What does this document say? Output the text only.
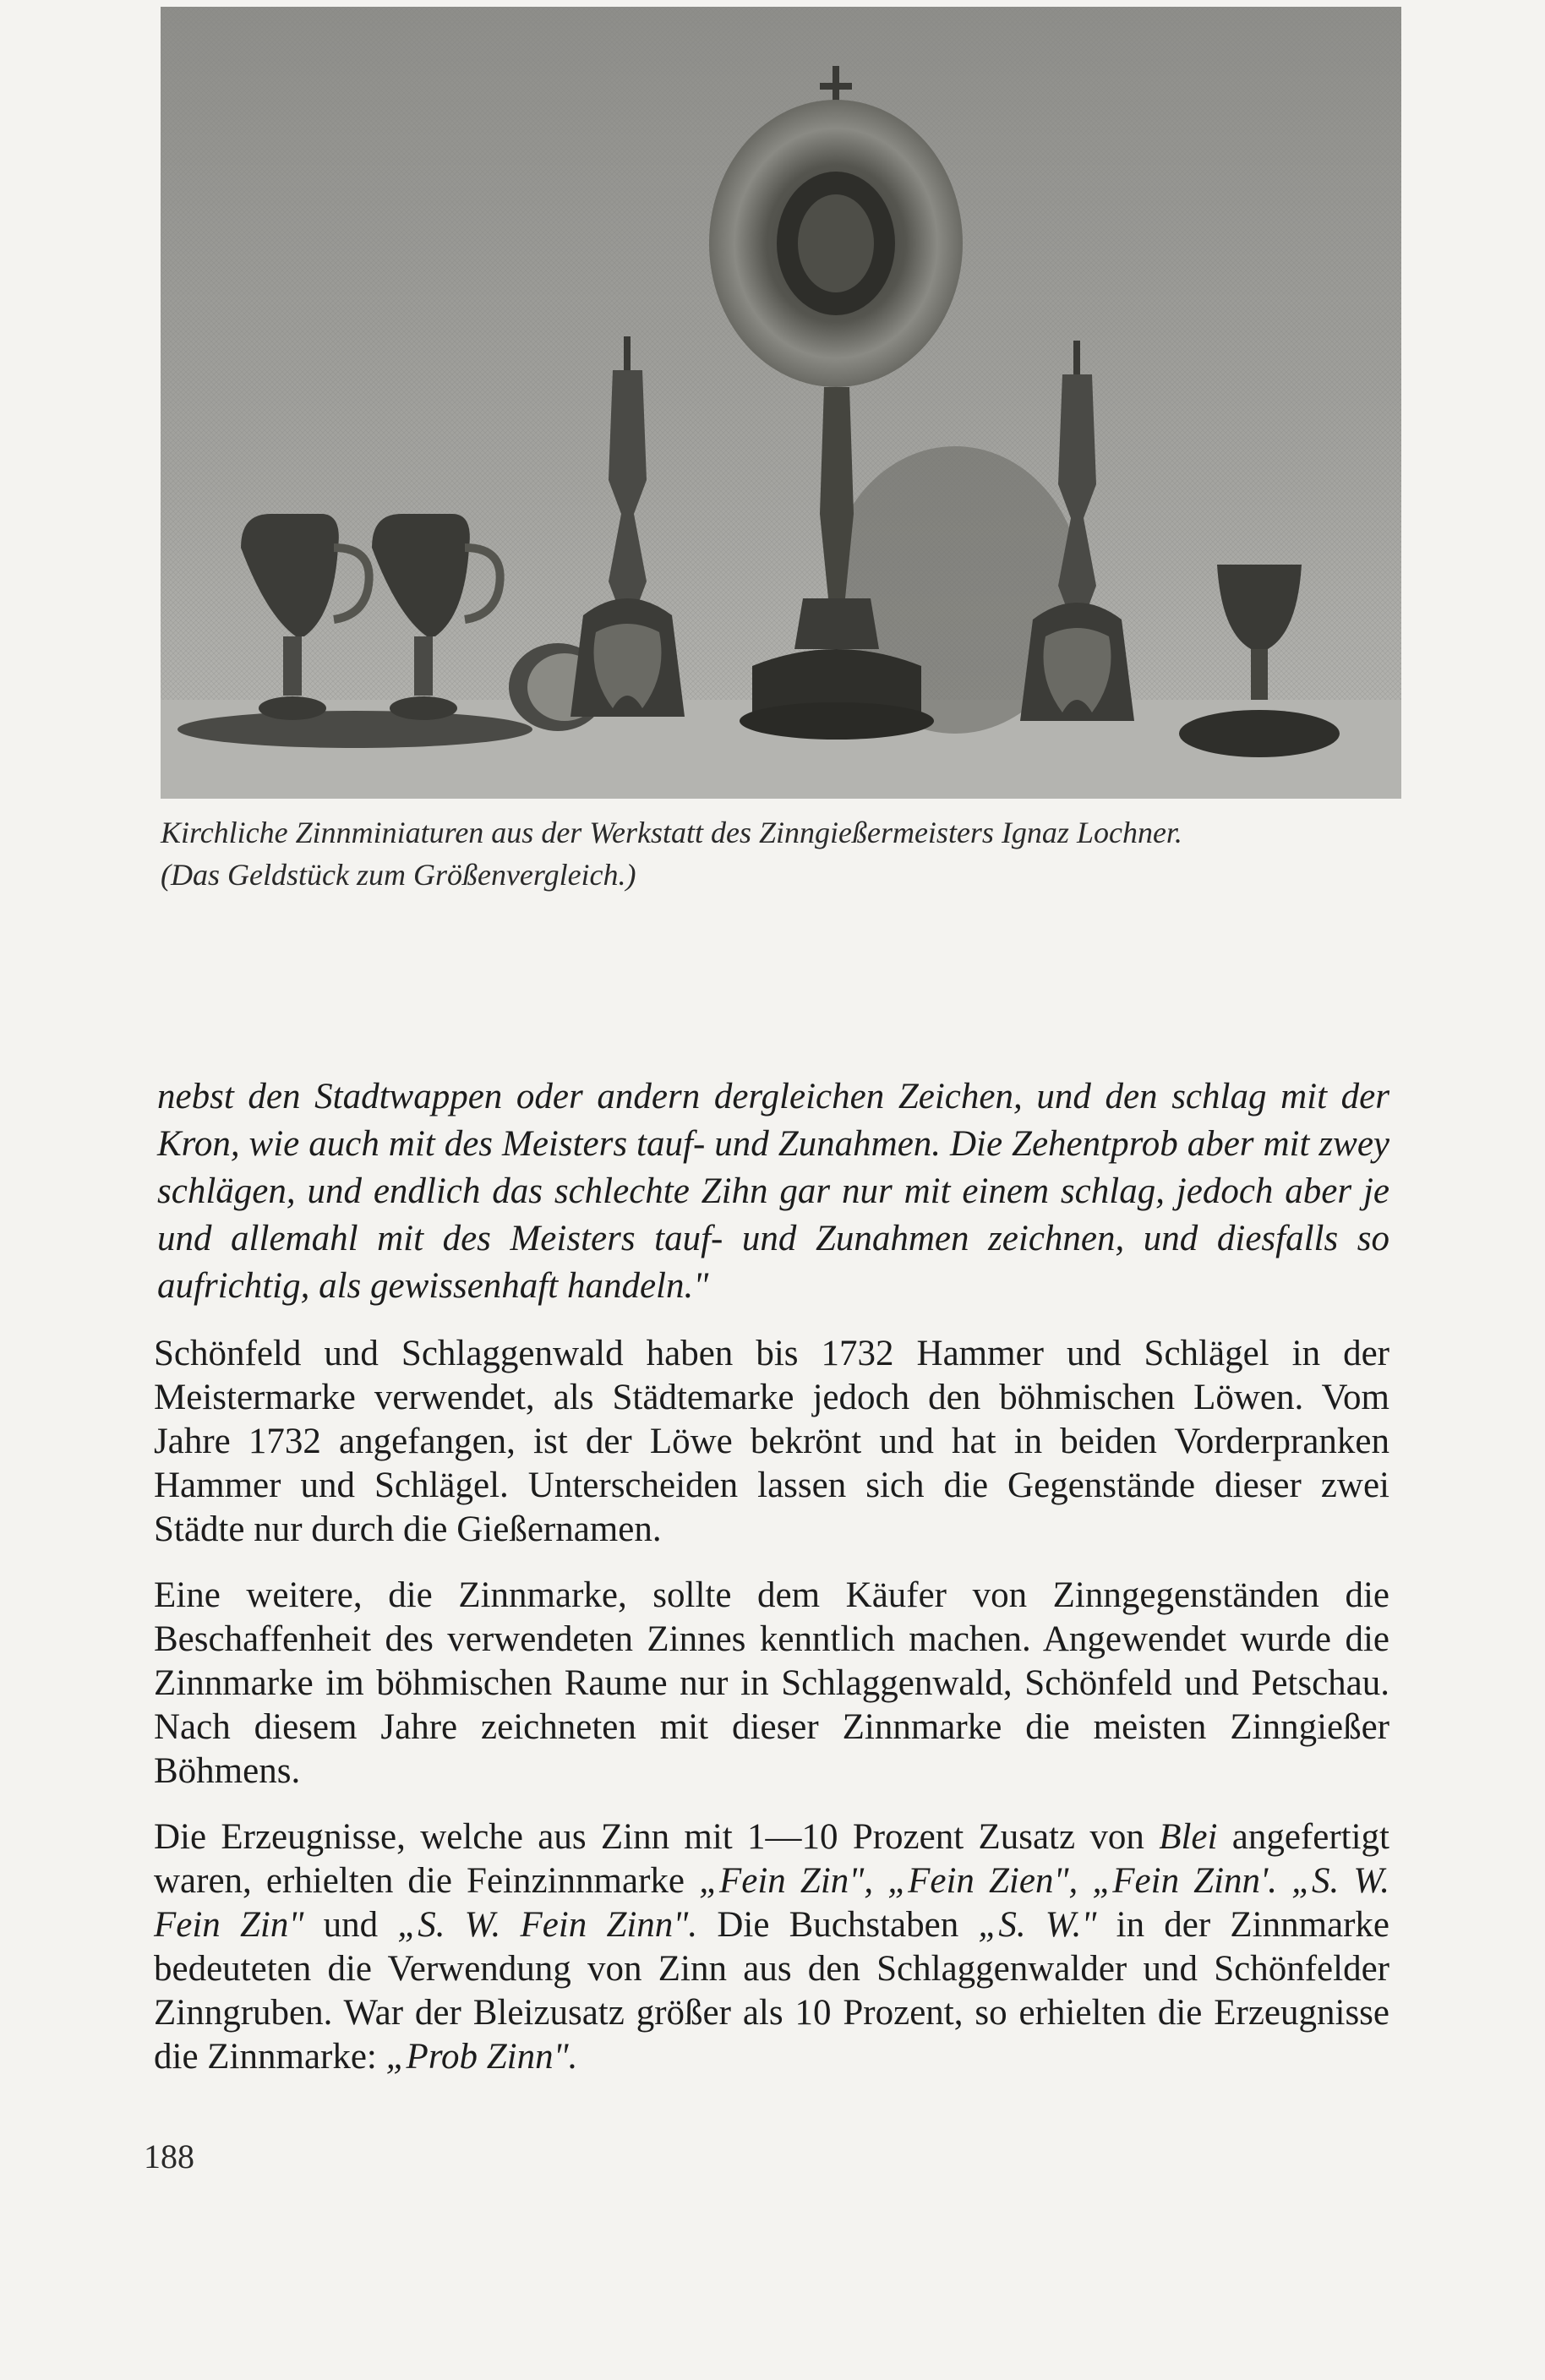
Kirchliche Zinnminiaturen aus der Werkstatt des Zinngießermeisters Ignaz Lochner.

(Das Geldstück zum Größenvergleich.)

nebst den Stadtwappen oder andern dergleichen Zeichen, und den schlag mit der Kron, wie auch mit des Meisters tauf- und Zunahmen. Die Zehentprob aber mit zwey schlägen, und endlich das schlechte Zihn gar nur mit einem schlag, jedoch aber je und allemahl mit des Meisters tauf- und Zunahmen zeichnen, und diesfalls so aufrichtig, als gewissenhaft handeln."

Schönfeld und Schlaggenwald haben bis 1732 Hammer und Schlägel in der Meistermarke verwendet, als Städtemarke jedoch den böhmischen Löwen. Vom Jahre 1732 angefangen, ist der Löwe bekrönt und hat in beiden Vorderpranken Hammer und Schlägel. Unterscheiden lassen sich die Gegenstände dieser zwei Städte nur durch die Gießernamen.

Eine weitere, die Zinnmarke, sollte dem Käufer von Zinngegenständen die Beschaffenheit des verwendeten Zinnes kenntlich machen. Angewendet wurde die Zinnmarke im böhmischen Raume nur in Schlaggenwald, Schönfeld und Petschau. Nach diesem Jahre zeichneten mit dieser Zinnmarke die meisten Zinngießer Böhmens.

Die Erzeugnisse, welche aus Zinn mit 1—10 Prozent Zusatz von Blei angefertigt waren, erhielten die Feinzinnmarke „Fein Zin", „Fein Zien", „Fein Zinn'. „S. W. Fein Zin" und „S. W. Fein Zinn". Die Buchstaben „S. W." in der Zinnmarke bedeuteten die Verwendung von Zinn aus den Schlaggenwalder und Schönfelder Zinngruben. War der Bleizusatz größer als 10 Prozent, so erhielten die Erzeugnisse die Zinnmarke: „Prob Zinn".

188
